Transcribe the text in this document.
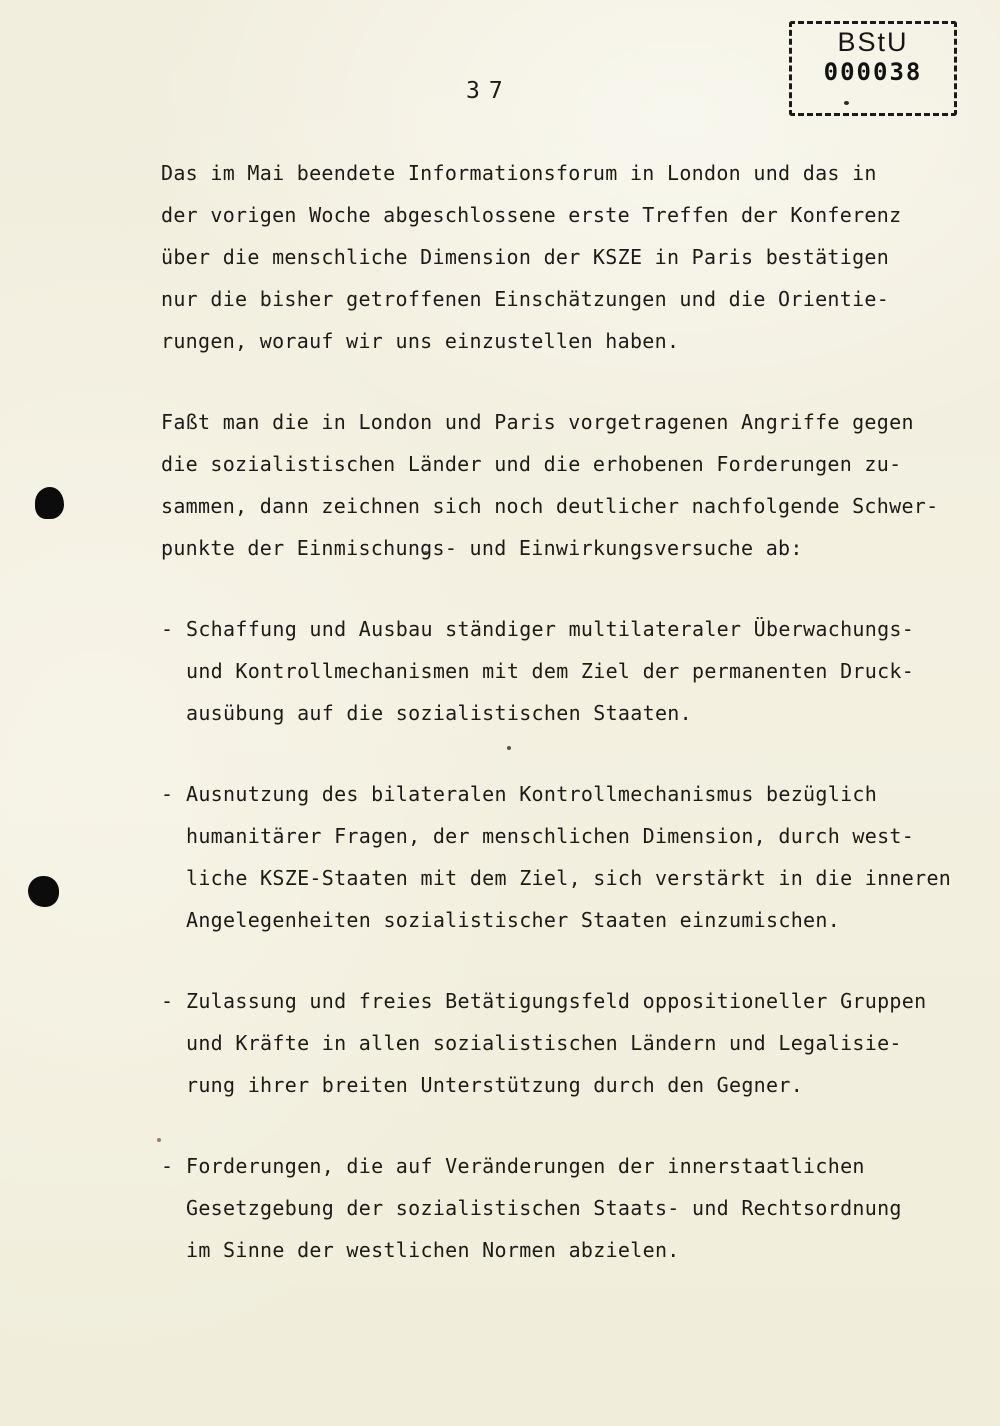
37
BStU
000038
Das im Mai beendete Informationsforum in London und das in
der vorigen Woche abgeschlossene erste Treffen der Konferenz
über die menschliche Dimension der KSZE in Paris bestätigen
nur die bisher getroffenen Einschätzungen und die Orientie-
rungen, worauf wir uns einzustellen haben.
Faßt man die in London und Paris vorgetragenen Angriffe gegen
die sozialistischen Länder und die erhobenen Forderungen zu-
sammen, dann zeichnen sich noch deutlicher nachfolgende Schwer-
punkte der Einmischungs- und Einwirkungsversuche ab:
- Schaffung und Ausbau ständiger multilateraler Überwachungs-
und Kontrollmechanismen mit dem Ziel der permanenten Druck-
ausübung auf die sozialistischen Staaten.
- Ausnutzung des bilateralen Kontrollmechanismus bezüglich
humanitärer Fragen, der menschlichen Dimension, durch west-
liche KSZE-Staaten mit dem Ziel, sich verstärkt in die inneren
Angelegenheiten sozialistischer Staaten einzumischen.
- Zulassung und freies Betätigungsfeld oppositioneller Gruppen
und Kräfte in allen sozialistischen Ländern und Legalisie-
rung ihrer breiten Unterstützung durch den Gegner.
- Forderungen, die auf Veränderungen der innerstaatlichen
Gesetzgebung der sozialistischen Staats- und Rechtsordnung
im Sinne der westlichen Normen abzielen.
